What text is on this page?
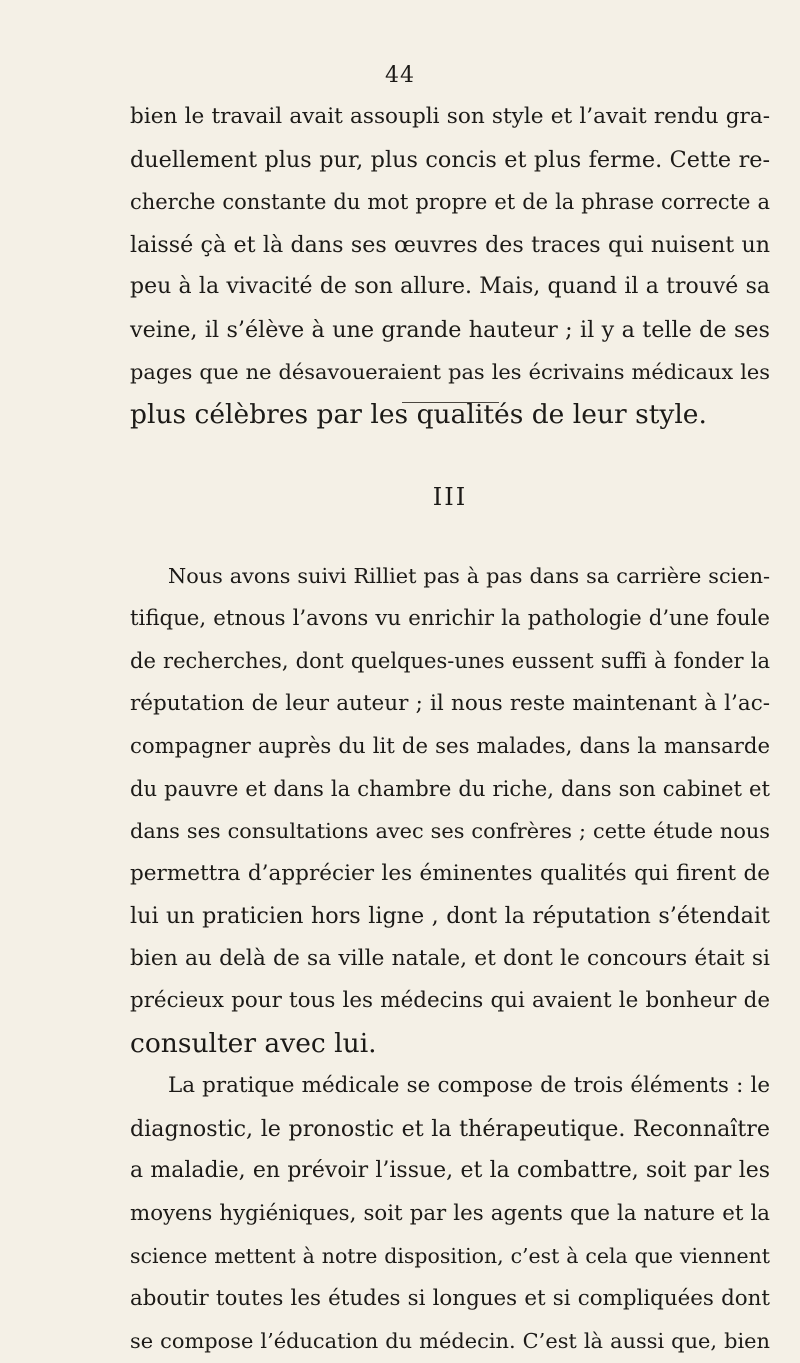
44
bien le travail avait assoupli son style et l’avait rendu gra-
duellement plus pur, plus concis et plus ferme. Cette re-
cherche constante du mot propre et de la phrase correcte a
laissé çà et là dans ses œuvres des traces qui nuisent un
peu à la vivacité de son allure. Mais, quand il a trouvé sa
veine, il s’élève à une grande hauteur ; il y a telle de ses
pages que ne désavoueraient pas les écrivains médicaux les
plus célèbres par les qualités de leur style.
III
Nous avons suivi Rilliet pas à pas dans sa carrière scien-
tifique, etnous l’avons vu enrichir la pathologie d’une foule
de recherches, dont quelques-unes eussent suffi à fonder la
réputation de leur auteur ; il nous reste maintenant à l’ac-
compagner auprès du lit de ses malades, dans la mansarde
du pauvre et dans la chambre du riche, dans son cabinet et
dans ses consultations avec ses confrères ; cette étude nous
permettra d’apprécier les éminentes qualités qui firent de
lui un praticien hors ligne , dont la réputation s’étendait
bien au delà de sa ville natale, et dont le concours était si
précieux pour tous les médecins qui avaient le bonheur de
consulter avec lui.
La pratique médicale se compose de trois éléments : le
diagnostic, le pronostic et la thérapeutique. Reconnaître
a maladie, en prévoir l’issue, et la combattre, soit par les
moyens hygiéniques, soit par les agents que la nature et la
science mettent à notre disposition, c’est à cela que viennent
aboutir toutes les études si longues et si compliquées dont
se compose l’éducation du médecin. C’est là aussi que, bien
